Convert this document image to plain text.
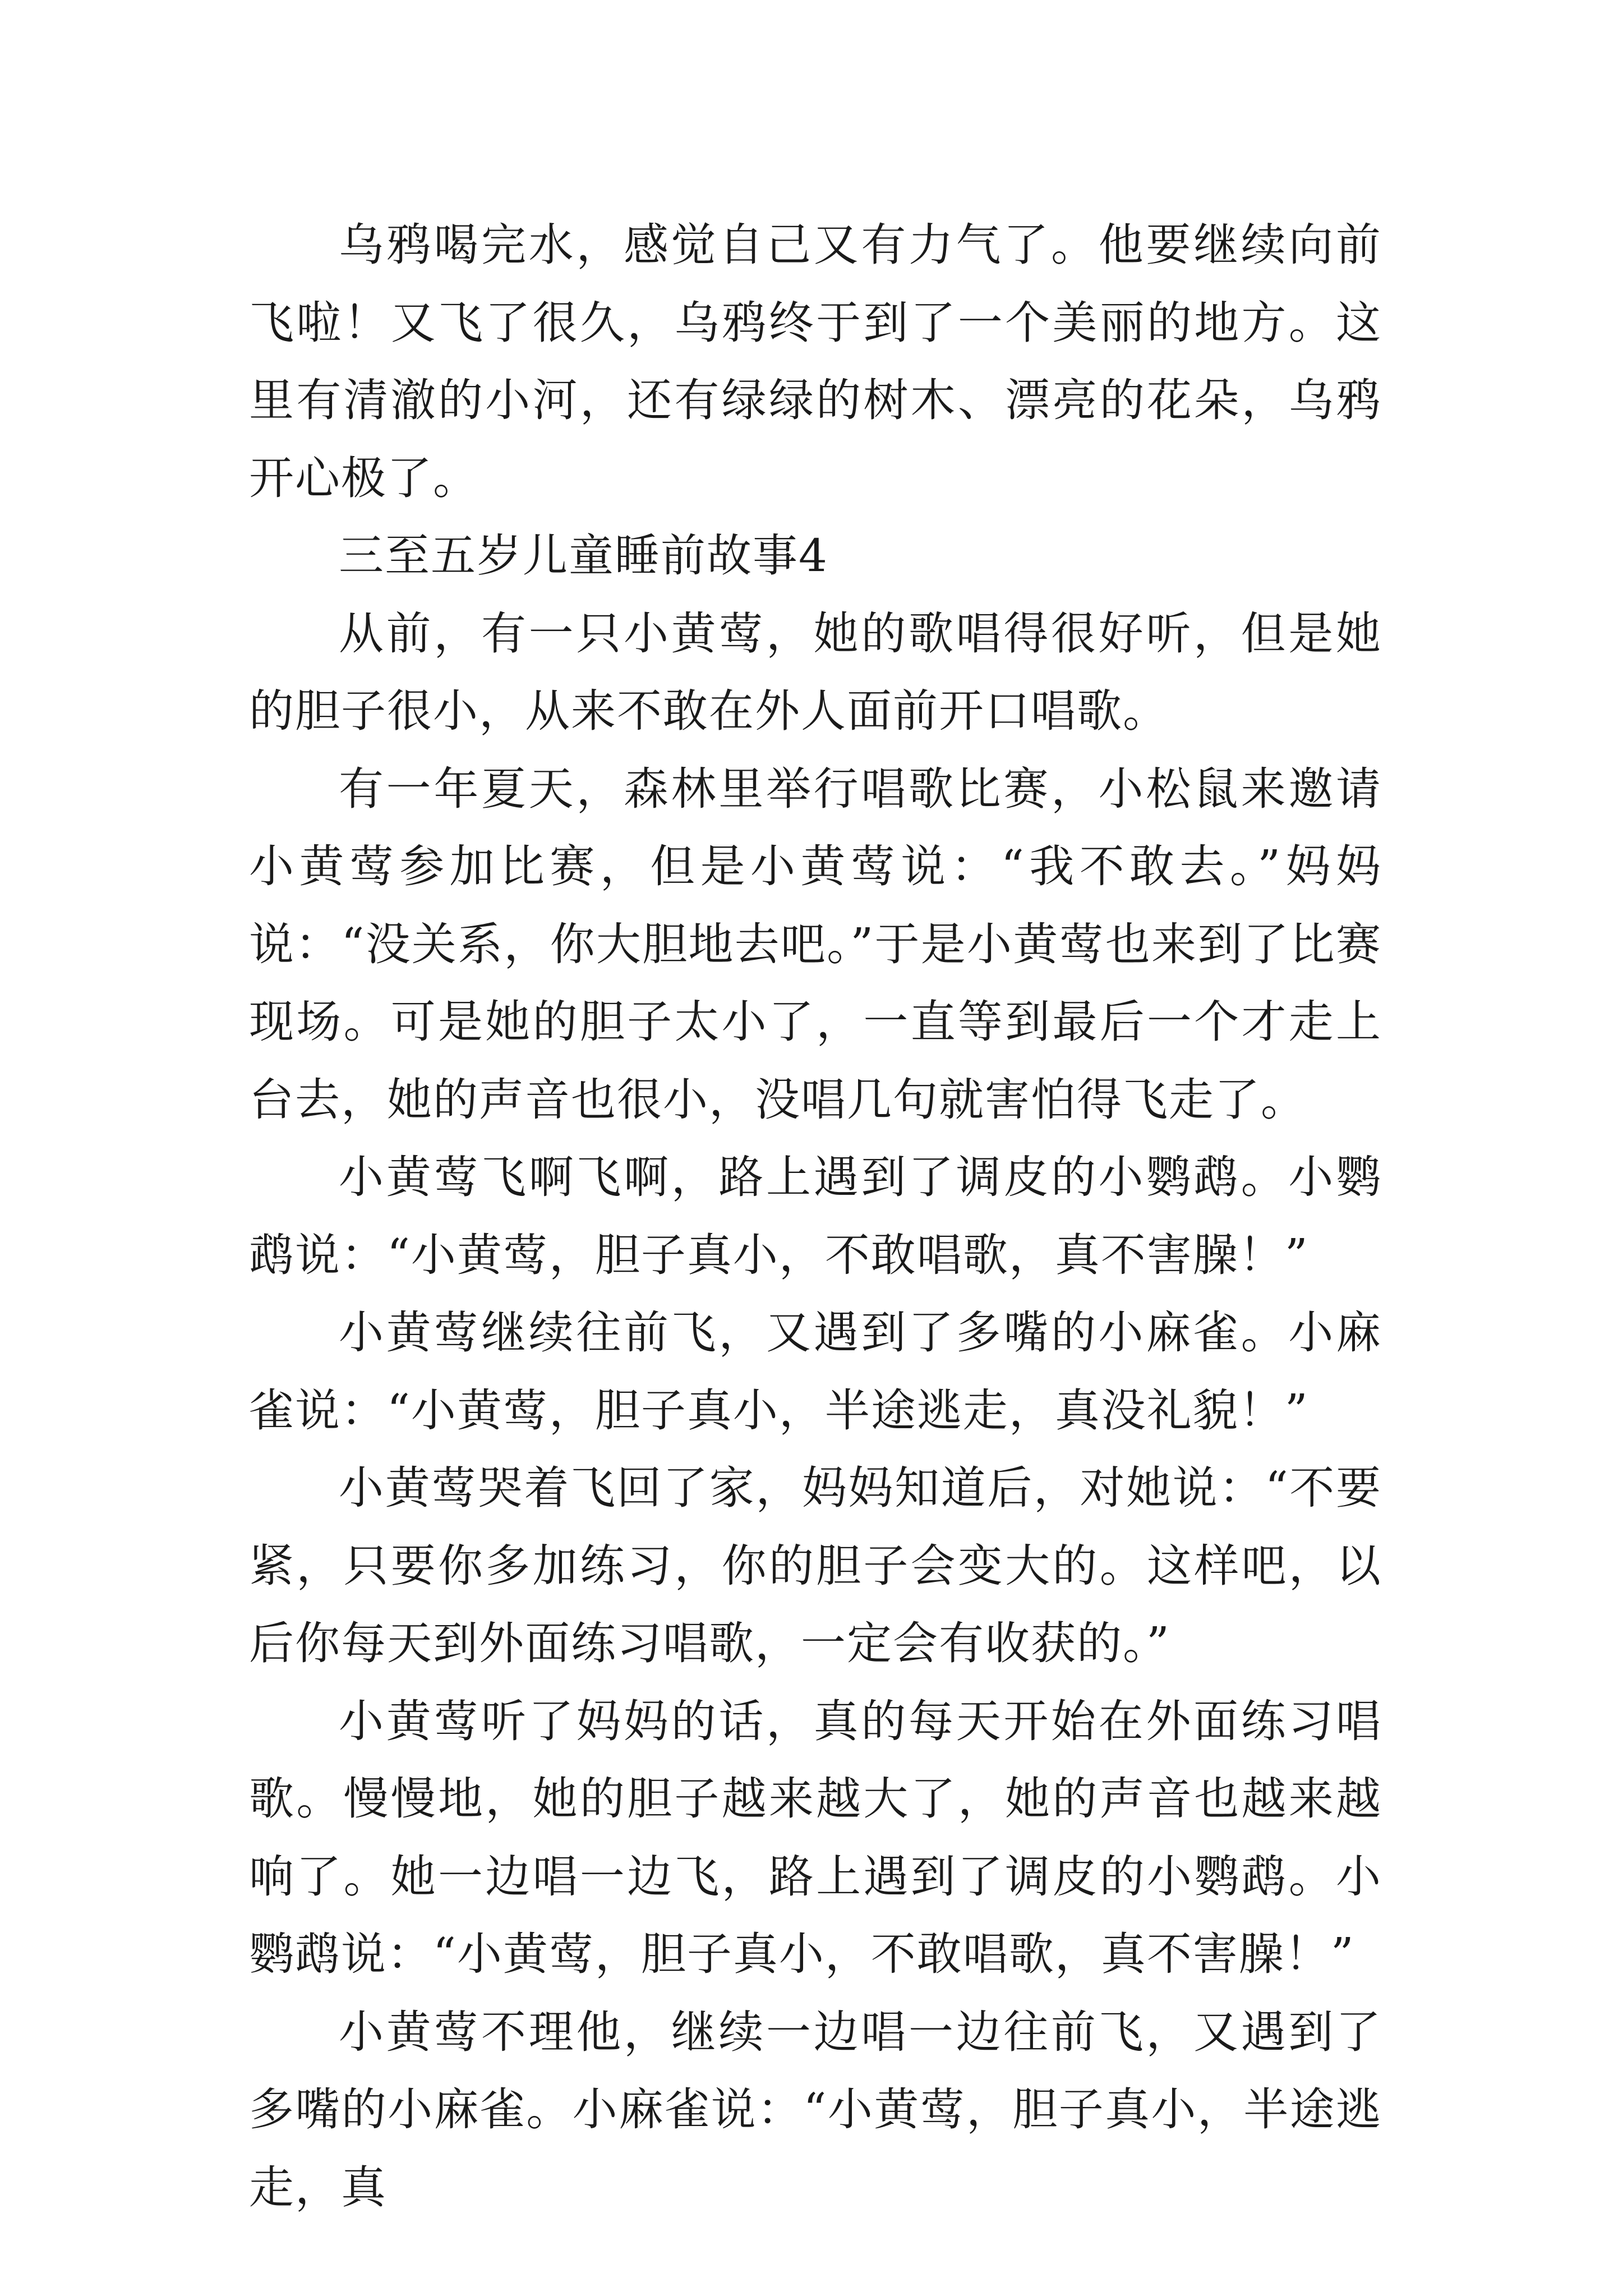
乌鸦喝完水，感觉自己又有力气了。他要继续向前飞啦！又飞了很久，乌鸦终于到了一个美丽的地方。这里有清澈的小河，还有绿绿的树木、漂亮的花朵，乌鸦开心极了。

三至五岁儿童睡前故事4

从前，有一只小黄莺，她的歌唱得很好听，但是她的胆子很小，从来不敢在外人面前开口唱歌。

有一年夏天，森林里举行唱歌比赛，小松鼠来邀请小黄莺参加比赛，但是小黄莺说：“我不敢去。”妈妈说：“没关系，你大胆地去吧。”于是小黄莺也来到了比赛现场。可是她的胆子太小了，一直等到最后一个才走上台去，她的声音也很小，没唱几句就害怕得飞走了。

小黄莺飞啊飞啊，路上遇到了调皮的小鹦鹉。小鹦鹉说：“小黄莺，胆子真小，不敢唱歌，真不害臊！”

小黄莺继续往前飞，又遇到了多嘴的小麻雀。小麻雀说：“小黄莺，胆子真小，半途逃走，真没礼貌！”

小黄莺哭着飞回了家，妈妈知道后，对她说：“不要紧，只要你多加练习，你的胆子会变大的。这样吧，以后你每天到外面练习唱歌，一定会有收获的。”

小黄莺听了妈妈的话，真的每天开始在外面练习唱歌。慢慢地，她的胆子越来越大了，她的声音也越来越响了。她一边唱一边飞，路上遇到了调皮的小鹦鹉。小鹦鹉说：“小黄莺，胆子真小，不敢唱歌，真不害臊！”

小黄莺不理他，继续一边唱一边往前飞，又遇到了多嘴的小麻雀。小麻雀说：“小黄莺，胆子真小，半途逃走，真
